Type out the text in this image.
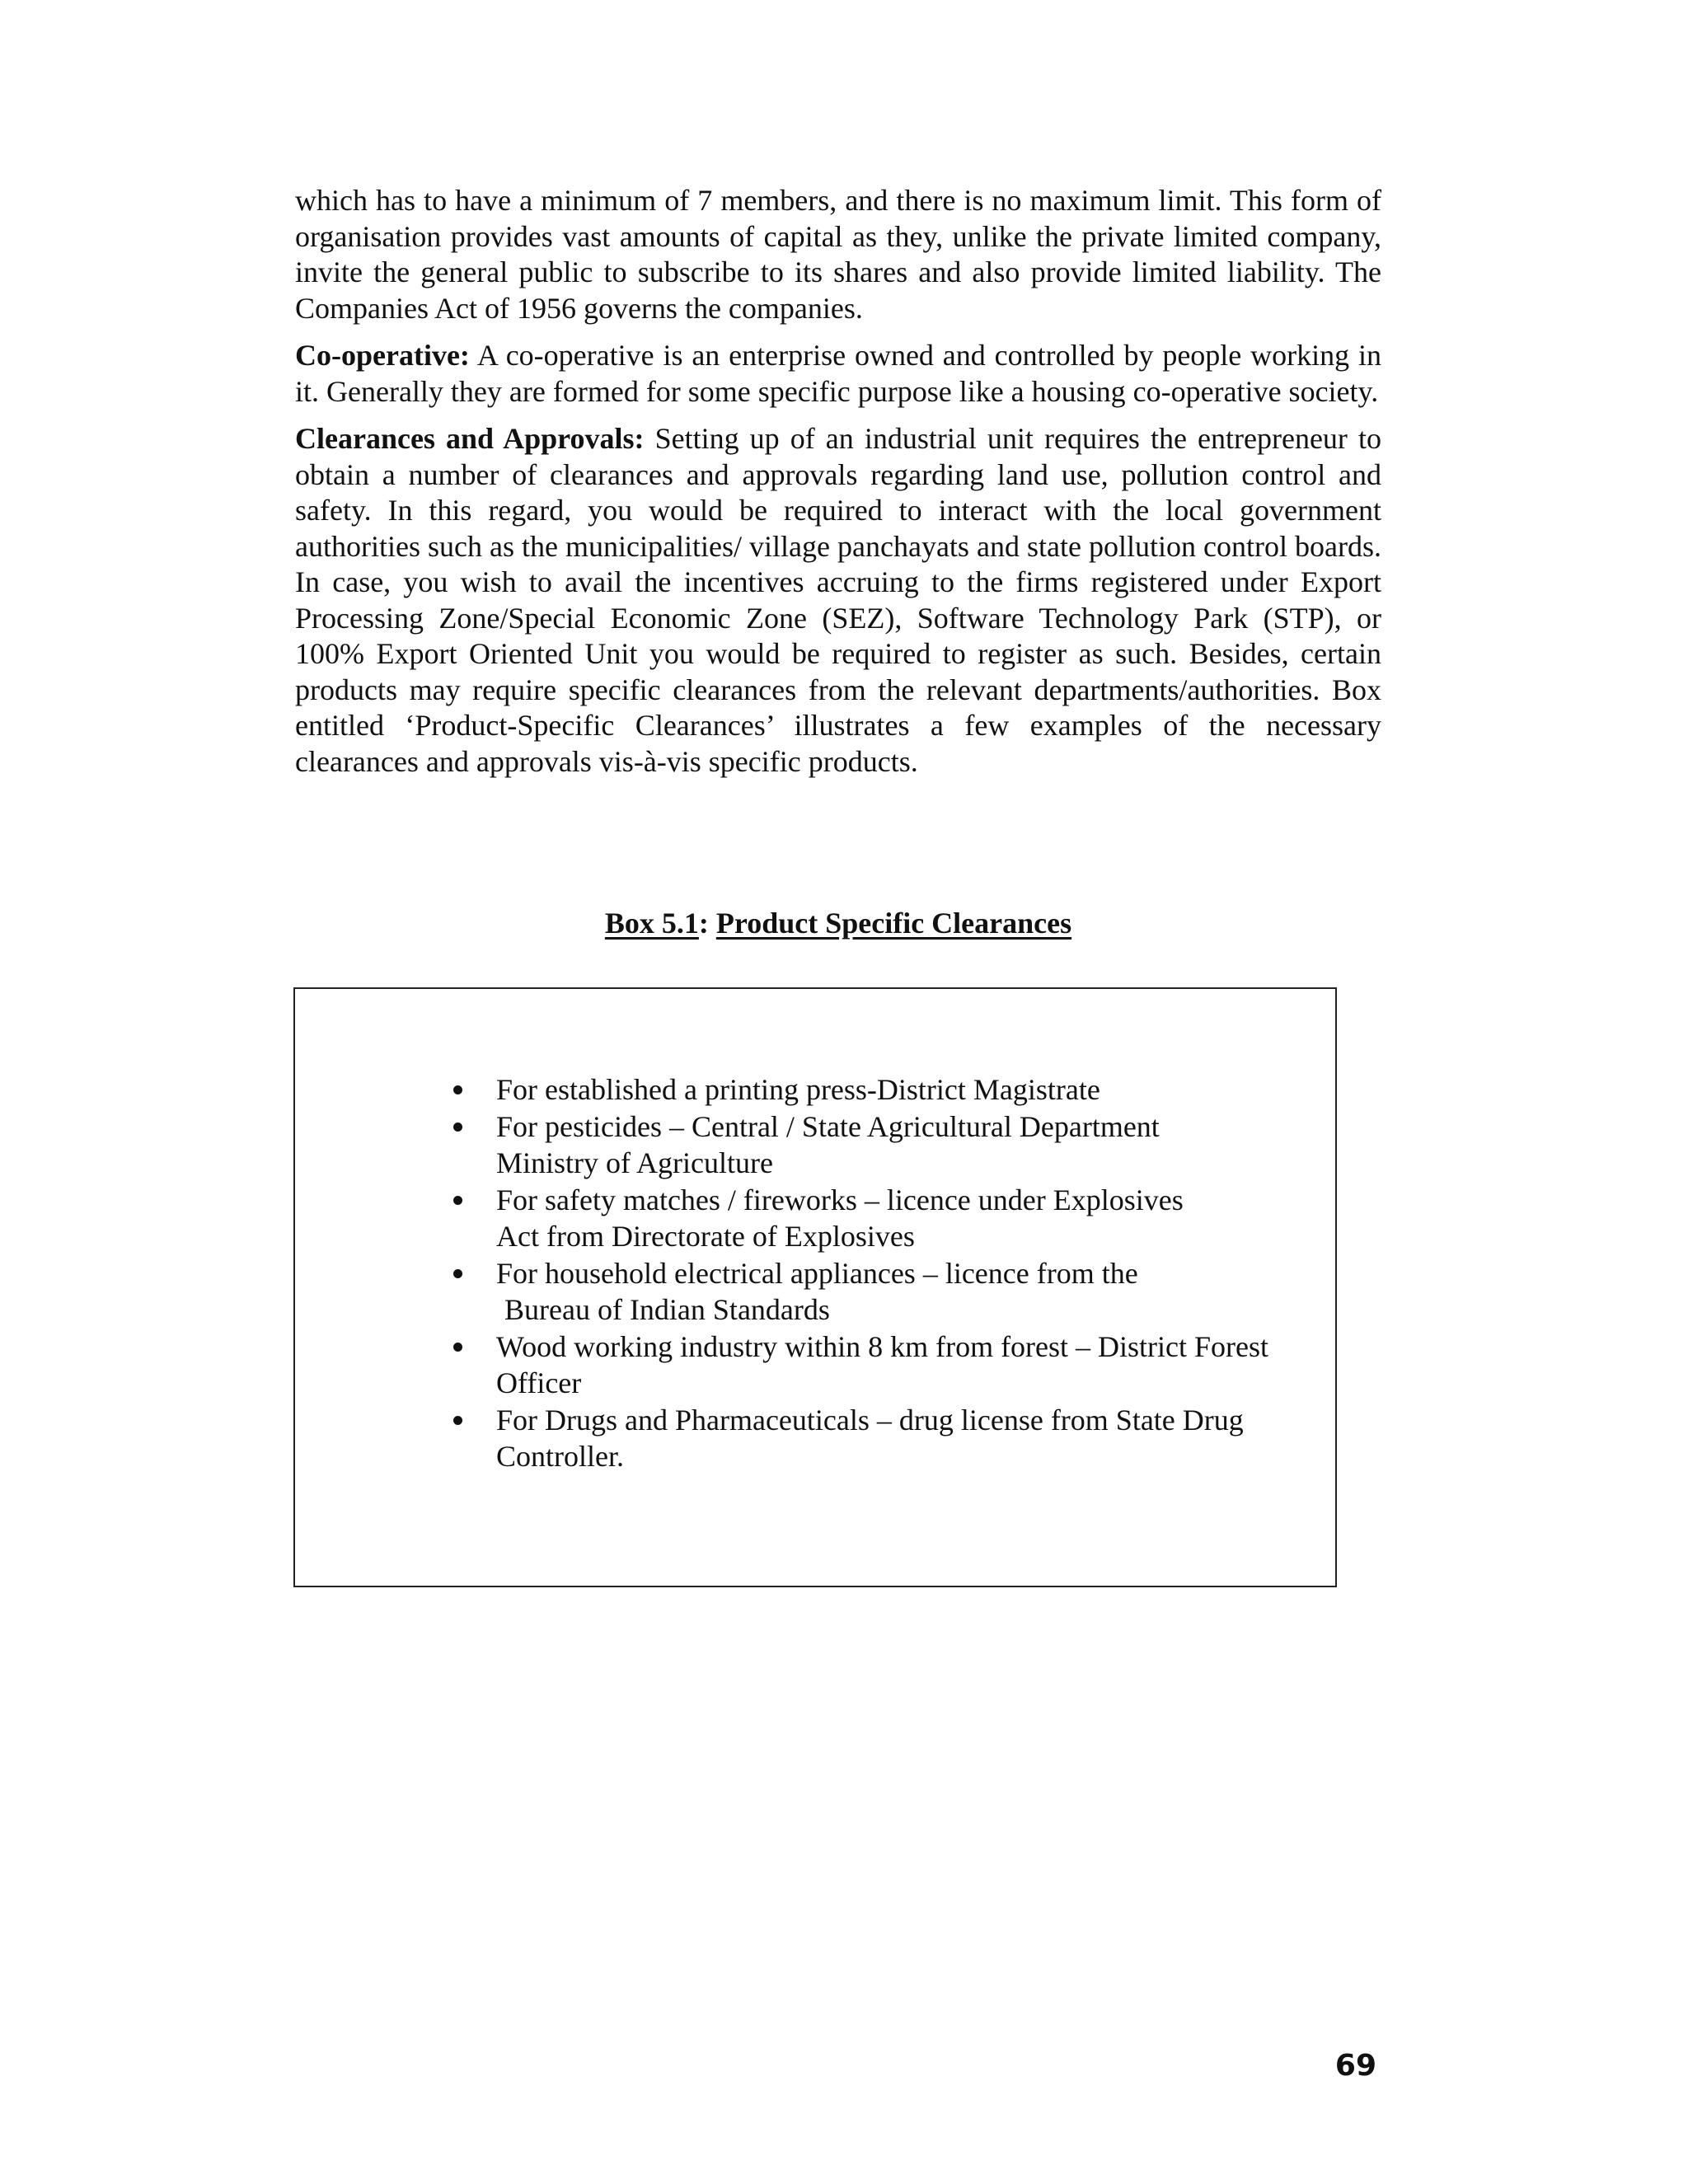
which has to have a minimum of 7 members, and there is no maximum limit. This form of organisation provides vast amounts of capital as they, unlike the private limited company, invite the general public to subscribe to its shares and also provide limited liability. The Companies Act of 1956 governs the companies.

Co-operative: A co-operative is an enterprise owned and controlled by people working in it. Generally they are formed for some specific purpose like a housing co-operative society.

Clearances and Approvals: Setting up of an industrial unit requires the entrepreneur to obtain a number of clearances and approvals regarding land use, pollution control and safety. In this regard, you would be required to interact with the local government authorities such as the municipalities/ village panchayats and state pollution control boards. In case, you wish to avail the incentives accruing to the firms registered under Export Processing Zone/Special Economic Zone (SEZ), Software Technology Park (STP), or 100% Export Oriented Unit you would be required to register as such. Besides, certain products may require specific clearances from the relevant departments/authorities. Box entitled ‘Product-Specific Clearances’ illustrates a few examples of the necessary clearances and approvals vis-à-vis specific products.

Box 5.1: Product Specific Clearances
For established a printing press-District Magistrate
For pesticides – Central / State Agricultural Department
Ministry of Agriculture
For safety matches / fireworks – licence under Explosives
Act from Directorate of Explosives
For household electrical appliances – licence from the
Bureau of Indian Standards
Wood working industry within 8 km from forest – District Forest
Officer
For Drugs and Pharmaceuticals – drug license from State Drug
Controller.
69
